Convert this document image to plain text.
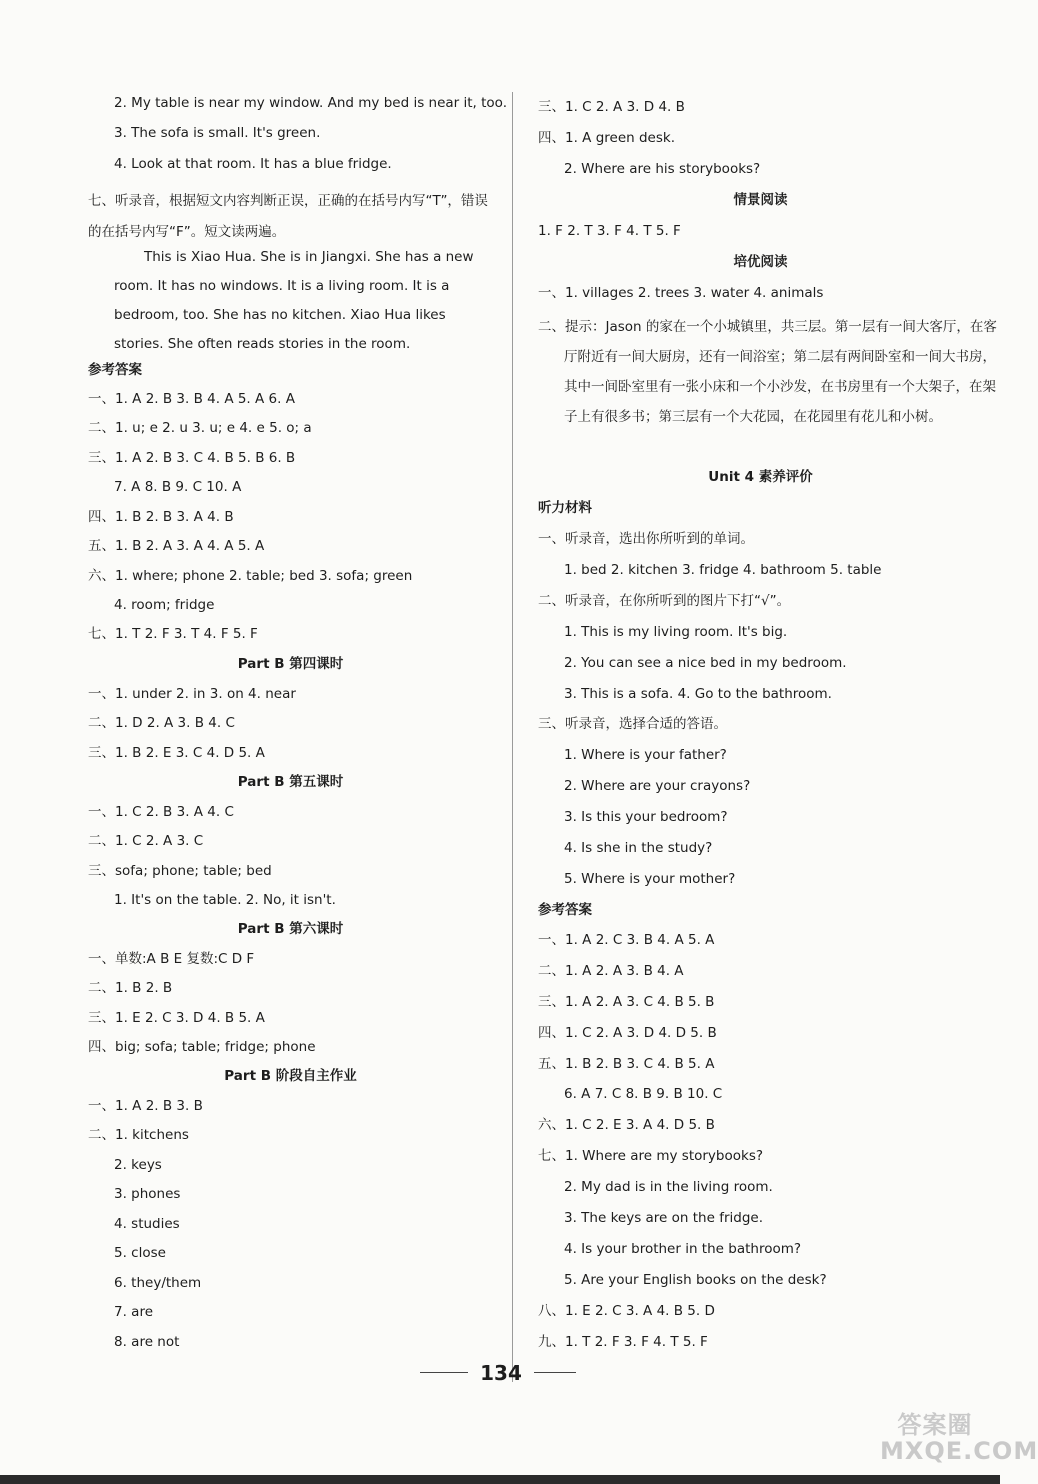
2. My table is near my window. And my bed is near it, too.
3. The sofa is small. It's green.
4. Look at that room. It has a blue fridge.
七、听录音，根据短文内容判断正误，正确的在括号内写“T”，错误的在括号内写“F”。短文读两遍。
This is Xiao Hua. She is in Jiangxi. She has a new room. It has no windows. It is a living room. It is a bedroom, too. She has no kitchen. Xiao Hua likes stories. She often reads stories in the room.
参考答案
一、1. A 2. B 3. B 4. A 5. A 6. A
二、1. u; e 2. u 3. u; e 4. e 5. o; a
三、1. A 2. B 3. C 4. B 5. B 6. B
7. A 8. B 9. C 10. A
四、1. B 2. B 3. A 4. B
五、1. B 2. A 3. A 4. A 5. A
六、1. where; phone 2. table; bed 3. sofa; green
4. room; fridge
七、1. T 2. F 3. T 4. F 5. F
Part B 第四课时
一、1. under 2. in 3. on 4. near
二、1. D 2. A 3. B 4. C
三、1. B 2. E 3. C 4. D 5. A
Part B 第五课时
一、1. C 2. B 3. A 4. C
二、1. C 2. A 3. C
三、sofa; phone; table; bed
1. It's on the table. 2. No, it isn't.
Part B 第六课时
一、单数:A B E 复数:C D F
二、1. B 2. B
三、1. E 2. C 3. D 4. B 5. A
四、big; sofa; table; fridge; phone
Part B 阶段自主作业
一、1. A 2. B 3. B
二、1. kitchens
2. keys
3. phones
4. studies
5. close
6. they/them
7. are
8. are not
三、1. C 2. A 3. D 4. B
四、1. A green desk.
2. Where are his storybooks?
情景阅读
1. F 2. T 3. F 4. T 5. F
培优阅读
一、1. villages 2. trees 3. water 4. animals
二、提示：Jason 的家在一个小城镇里，共三层。第一层有一间大客厅，在客厅附近有一间大厨房，还有一间浴室；第二层有两间卧室和一间大书房，其中一间卧室里有一张小床和一个小沙发，在书房里有一个大架子，在架子上有很多书；第三层有一个大花园，在花园里有花儿和小树。
Unit 4 素养评价
听力材料
一、听录音，选出你所听到的单词。
1. bed 2. kitchen 3. fridge 4. bathroom 5. table
二、听录音，在你所听到的图片下打“√”。
1. This is my living room. It's big.
2. You can see a nice bed in my bedroom.
3. This is a sofa. 4. Go to the bathroom.
三、听录音，选择合适的答语。
1. Where is your father?
2. Where are your crayons?
3. Is this your bedroom?
4. Is she in the study?
5. Where is your mother?
参考答案
一、1. A 2. C 3. B 4. A 5. A
二、1. A 2. A 3. B 4. A
三、1. A 2. A 3. C 4. B 5. B
四、1. C 2. A 3. D 4. D 5. B
五、1. B 2. B 3. C 4. B 5. A
6. A 7. C 8. B 9. B 10. C
六、1. C 2. E 3. A 4. D 5. B
七、1. Where are my storybooks?
2. My dad is in the living room.
3. The keys are on the fridge.
4. Is your brother in the bathroom?
5. Are your English books on the desk?
八、1. E 2. C 3. A 4. B 5. D
九、1. T 2. F 3. F 4. T 5. F
134
答案圈
MXQE.COM
